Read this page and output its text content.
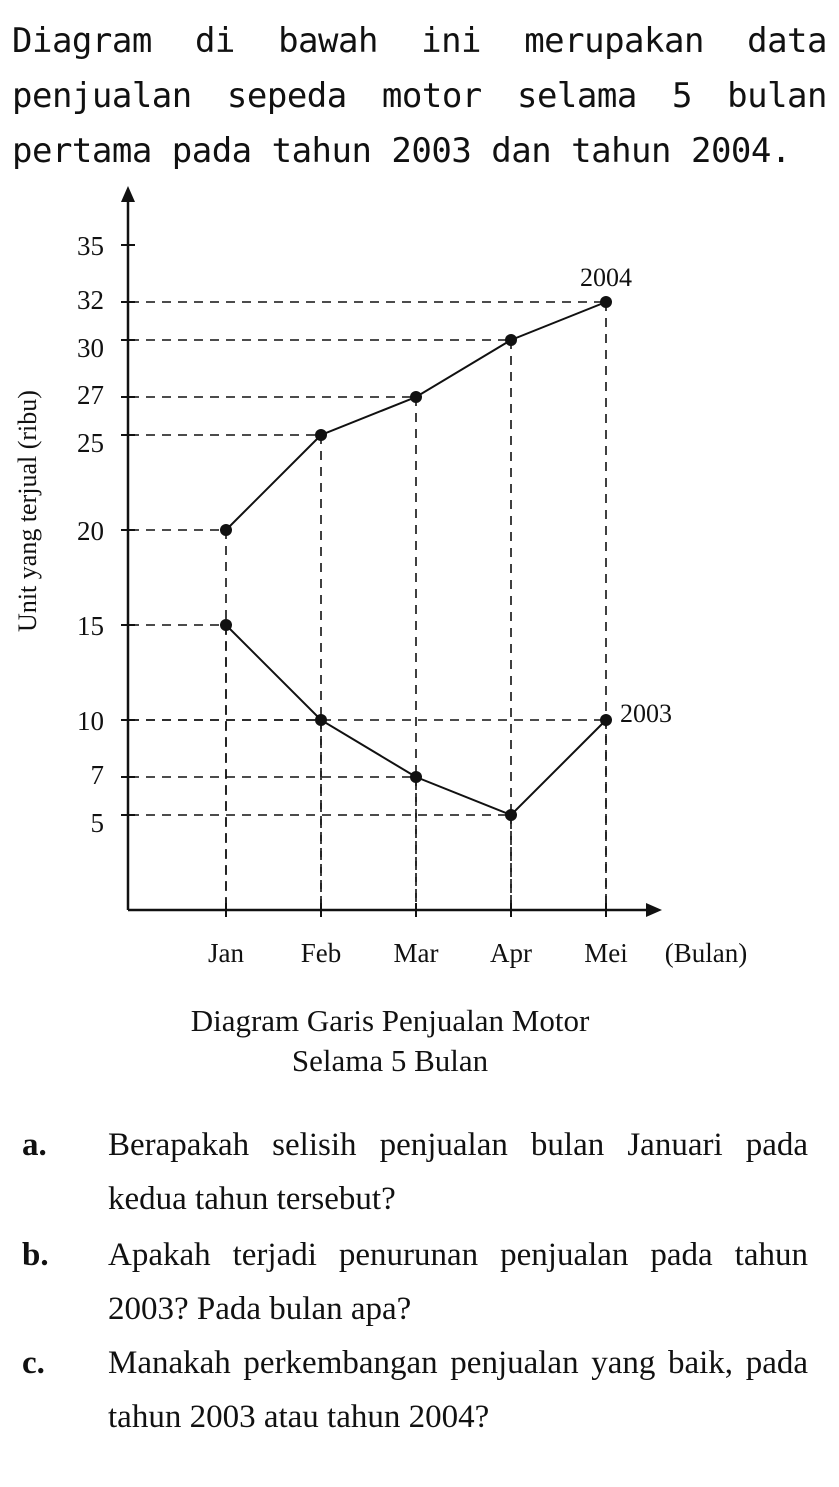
Diagram di bawah ini merupakan data penjualan sepeda motor selama 5 bulan pertama pada tahun 2003 dan tahun 2004.

5
7
10
15
20
25
27
30
32
35
Jan Feb Mar Apr Mei
2004
2003
(Bulan)
Unit yang terjual (ribu)
Diagram Garis Penjualan Motor
Selama 5 Bulan
a. Berapakah selisih penjualan bulan Januari pada kedua tahun tersebut?

b. Apakah terjadi penurunan penjualan pada tahun 2003? Pada bulan apa?

c. Manakah perkembangan penjualan yang baik, pada tahun 2003 atau tahun 2004?
